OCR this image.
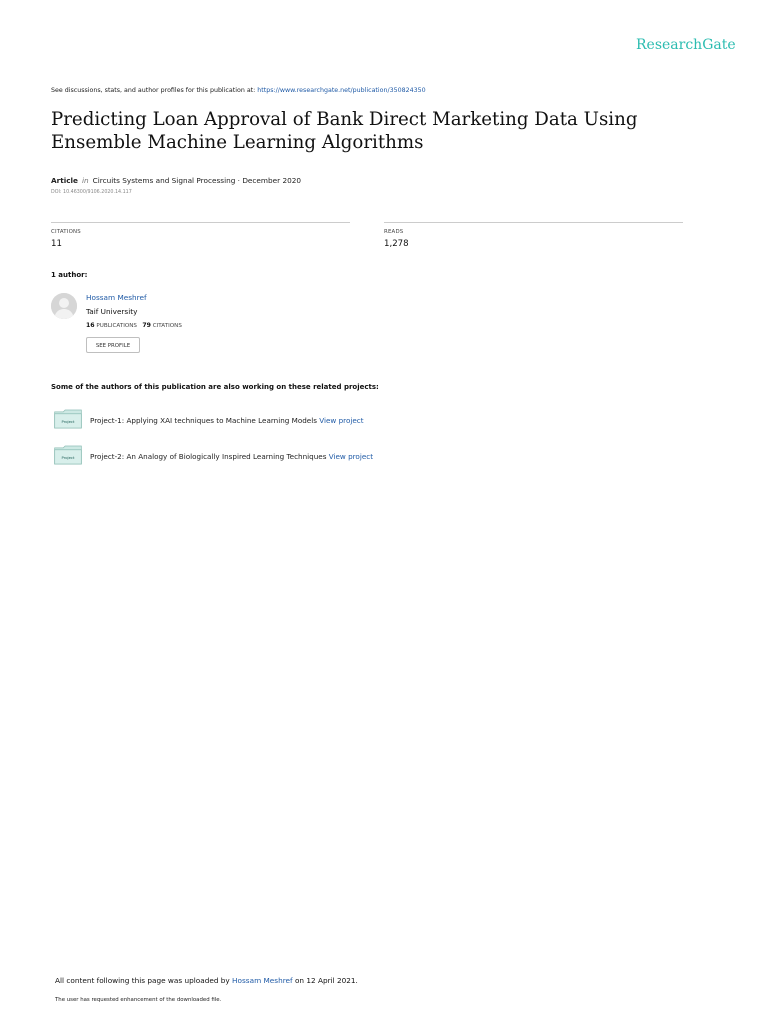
ResearchGate
See discussions, stats, and author profiles for this publication at: https://www.researchgate.net/publication/350824350
Predicting Loan Approval of Bank Direct Marketing Data Using Ensemble Machine Learning Algorithms
Article in Circuits Systems and Signal Processing · December 2020
DOI: 10.46300/9106.2020.14.117
CITATIONS
11
READS
1,278
1 author:
Hossam Meshref
Taif University
16 PUBLICATIONS 79 CITATIONS
SEE PROFILE
Some of the authors of this publication are also working on these related projects:
Project Project-1: Applying XAI techniques to Machine Learning Models View project
Project Project-2: An Analogy of Biologically Inspired Learning Techniques View project
All content following this page was uploaded by Hossam Meshref on 12 April 2021.
The user has requested enhancement of the downloaded file.
